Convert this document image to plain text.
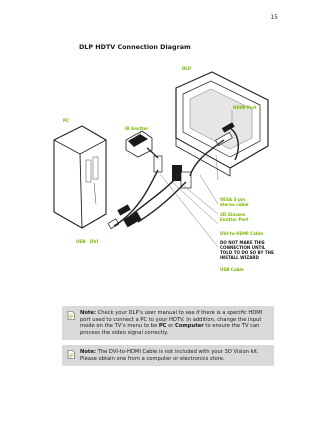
15
DLP HDTV Connection Diagram
DLP
HDMI Port
PC
IR Emitter
VESA 3-pin
stereo cable
3D Glasses
Emitter Port
DVI-to-HDMI Cable
DO NOT MAKE THIS
CONNECTION UNTIL
TOLD TO DO SO BY THE
INSTALL WIZARD
USB Cable
USB DVI
Note: Check your DLP’s user manual to see if there is a specific HDMI port used to connect a PC to your HDTV. In addition, change the input mode on the TV’s menu to be PC or Computer to ensure the TV can process the video signal correctly.
Note: The DVI-to-HDMI Cable is not included with your 3D Vision kit. Please obtain one from a computer or electronics store.
